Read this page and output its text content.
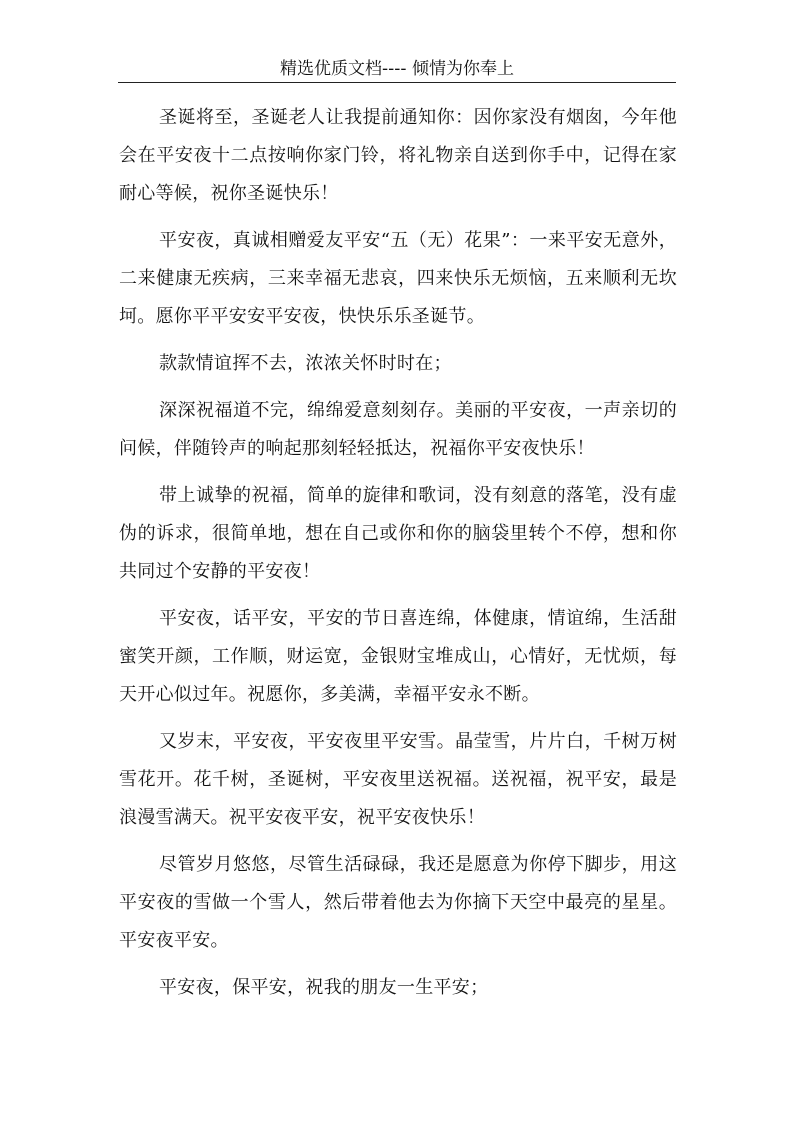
精选优质文档---- 倾情为你奉上

圣诞将至，圣诞老人让我提前通知你：因你家没有烟囱，今年他会在平安夜十二点按响你家门铃，将礼物亲自送到你手中，记得在家耐心等候，祝你圣诞快乐！

平安夜，真诚相赠爱友平安“五（无）花果”：一来平安无意外，二来健康无疾病，三来幸福无悲哀，四来快乐无烦恼，五来顺利无坎坷。愿你平平安安平安夜，快快乐乐圣诞节。

款款情谊挥不去，浓浓关怀时时在；

深深祝福道不完，绵绵爱意刻刻存。美丽的平安夜，一声亲切的问候，伴随铃声的响起那刻轻轻抵达，祝福你平安夜快乐！

带上诚挚的祝福，简单的旋律和歌词，没有刻意的落笔，没有虚伪的诉求，很简单地，想在自己或你和你的脑袋里转个不停，想和你共同过个安静的平安夜！

平安夜，话平安，平安的节日喜连绵，体健康，情谊绵，生活甜蜜笑开颜，工作顺，财运宽，金银财宝堆成山，心情好，无忧烦，每天开心似过年。祝愿你，多美满，幸福平安永不断。

又岁末，平安夜，平安夜里平安雪。晶莹雪，片片白，千树万树雪花开。花千树，圣诞树，平安夜里送祝福。送祝福，祝平安，最是浪漫雪满天。祝平安夜平安，祝平安夜快乐！

尽管岁月悠悠，尽管生活碌碌，我还是愿意为你停下脚步，用这平安夜的雪做一个雪人，然后带着他去为你摘下天空中最亮的星星。平安夜平安。

平安夜，保平安，祝我的朋友一生平安；
